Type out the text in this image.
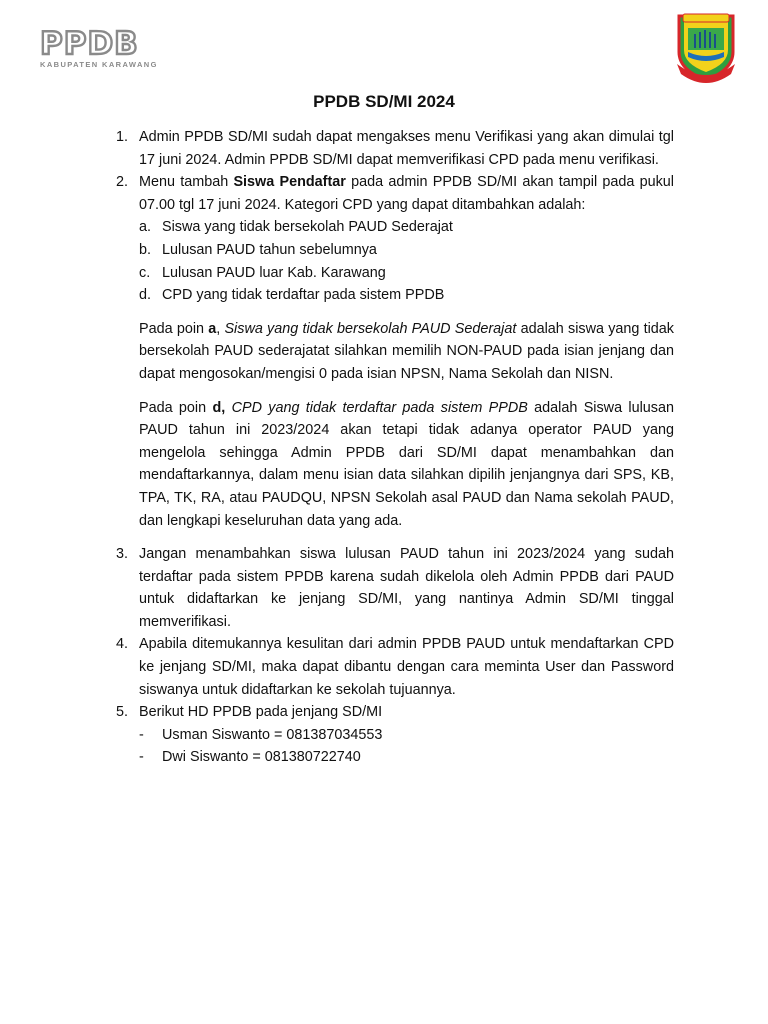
PPDB
KABUPATEN KARAWANG
PPDB SD/MI 2024
1. Admin PPDB SD/MI sudah dapat mengakses menu Verifikasi yang akan dimulai tgl 17 juni 2024. Admin PPDB SD/MI dapat memverifikasi CPD pada menu verifikasi.

2. Menu tambah Siswa Pendaftar pada admin PPDB SD/MI akan tampil pada pukul 07.00 tgl 17 juni 2024. Kategori CPD yang dapat ditambahkan adalah:

a. Siswa yang tidak bersekolah PAUD Sederajat
b. Lulusan PAUD tahun sebelumnya
c. Lulusan PAUD luar Kab. Karawang
d. CPD yang tidak terdaftar pada sistem PPDB

Pada poin a, Siswa yang tidak bersekolah PAUD Sederajat adalah siswa yang tidak bersekolah PAUD sederajatat silahkan memilih NON-PAUD pada isian jenjang dan dapat mengosokan/mengisi 0 pada isian NPSN, Nama Sekolah dan NISN.

Pada poin d, CPD yang tidak terdaftar pada sistem PPDB adalah Siswa lulusan PAUD tahun ini 2023/2024 akan tetapi tidak adanya operator PAUD yang mengelola sehingga Admin PPDB dari SD/MI dapat menambahkan dan mendaftarkannya, dalam menu isian data silahkan dipilih jenjangnya dari SPS, KB, TPA, TK, RA, atau PAUDQU, NPSN Sekolah asal PAUD dan Nama sekolah PAUD, dan lengkapi keseluruhan data yang ada.

3. Jangan menambahkan siswa lulusan PAUD tahun ini 2023/2024 yang sudah terdaftar pada sistem PPDB karena sudah dikelola oleh Admin PPDB dari PAUD untuk didaftarkan ke jenjang SD/MI, yang nantinya Admin SD/MI tinggal memverifikasi.

4. Apabila ditemukannya kesulitan dari admin PPDB PAUD untuk mendaftarkan CPD ke jenjang SD/MI, maka dapat dibantu dengan cara meminta User dan Password siswanya untuk didaftarkan ke sekolah tujuannya.

5. Berikut HD PPDB pada jenjang SD/MI

-	Usman Siswanto = 081387034553
-	Dwi Siswanto = 081380722740
